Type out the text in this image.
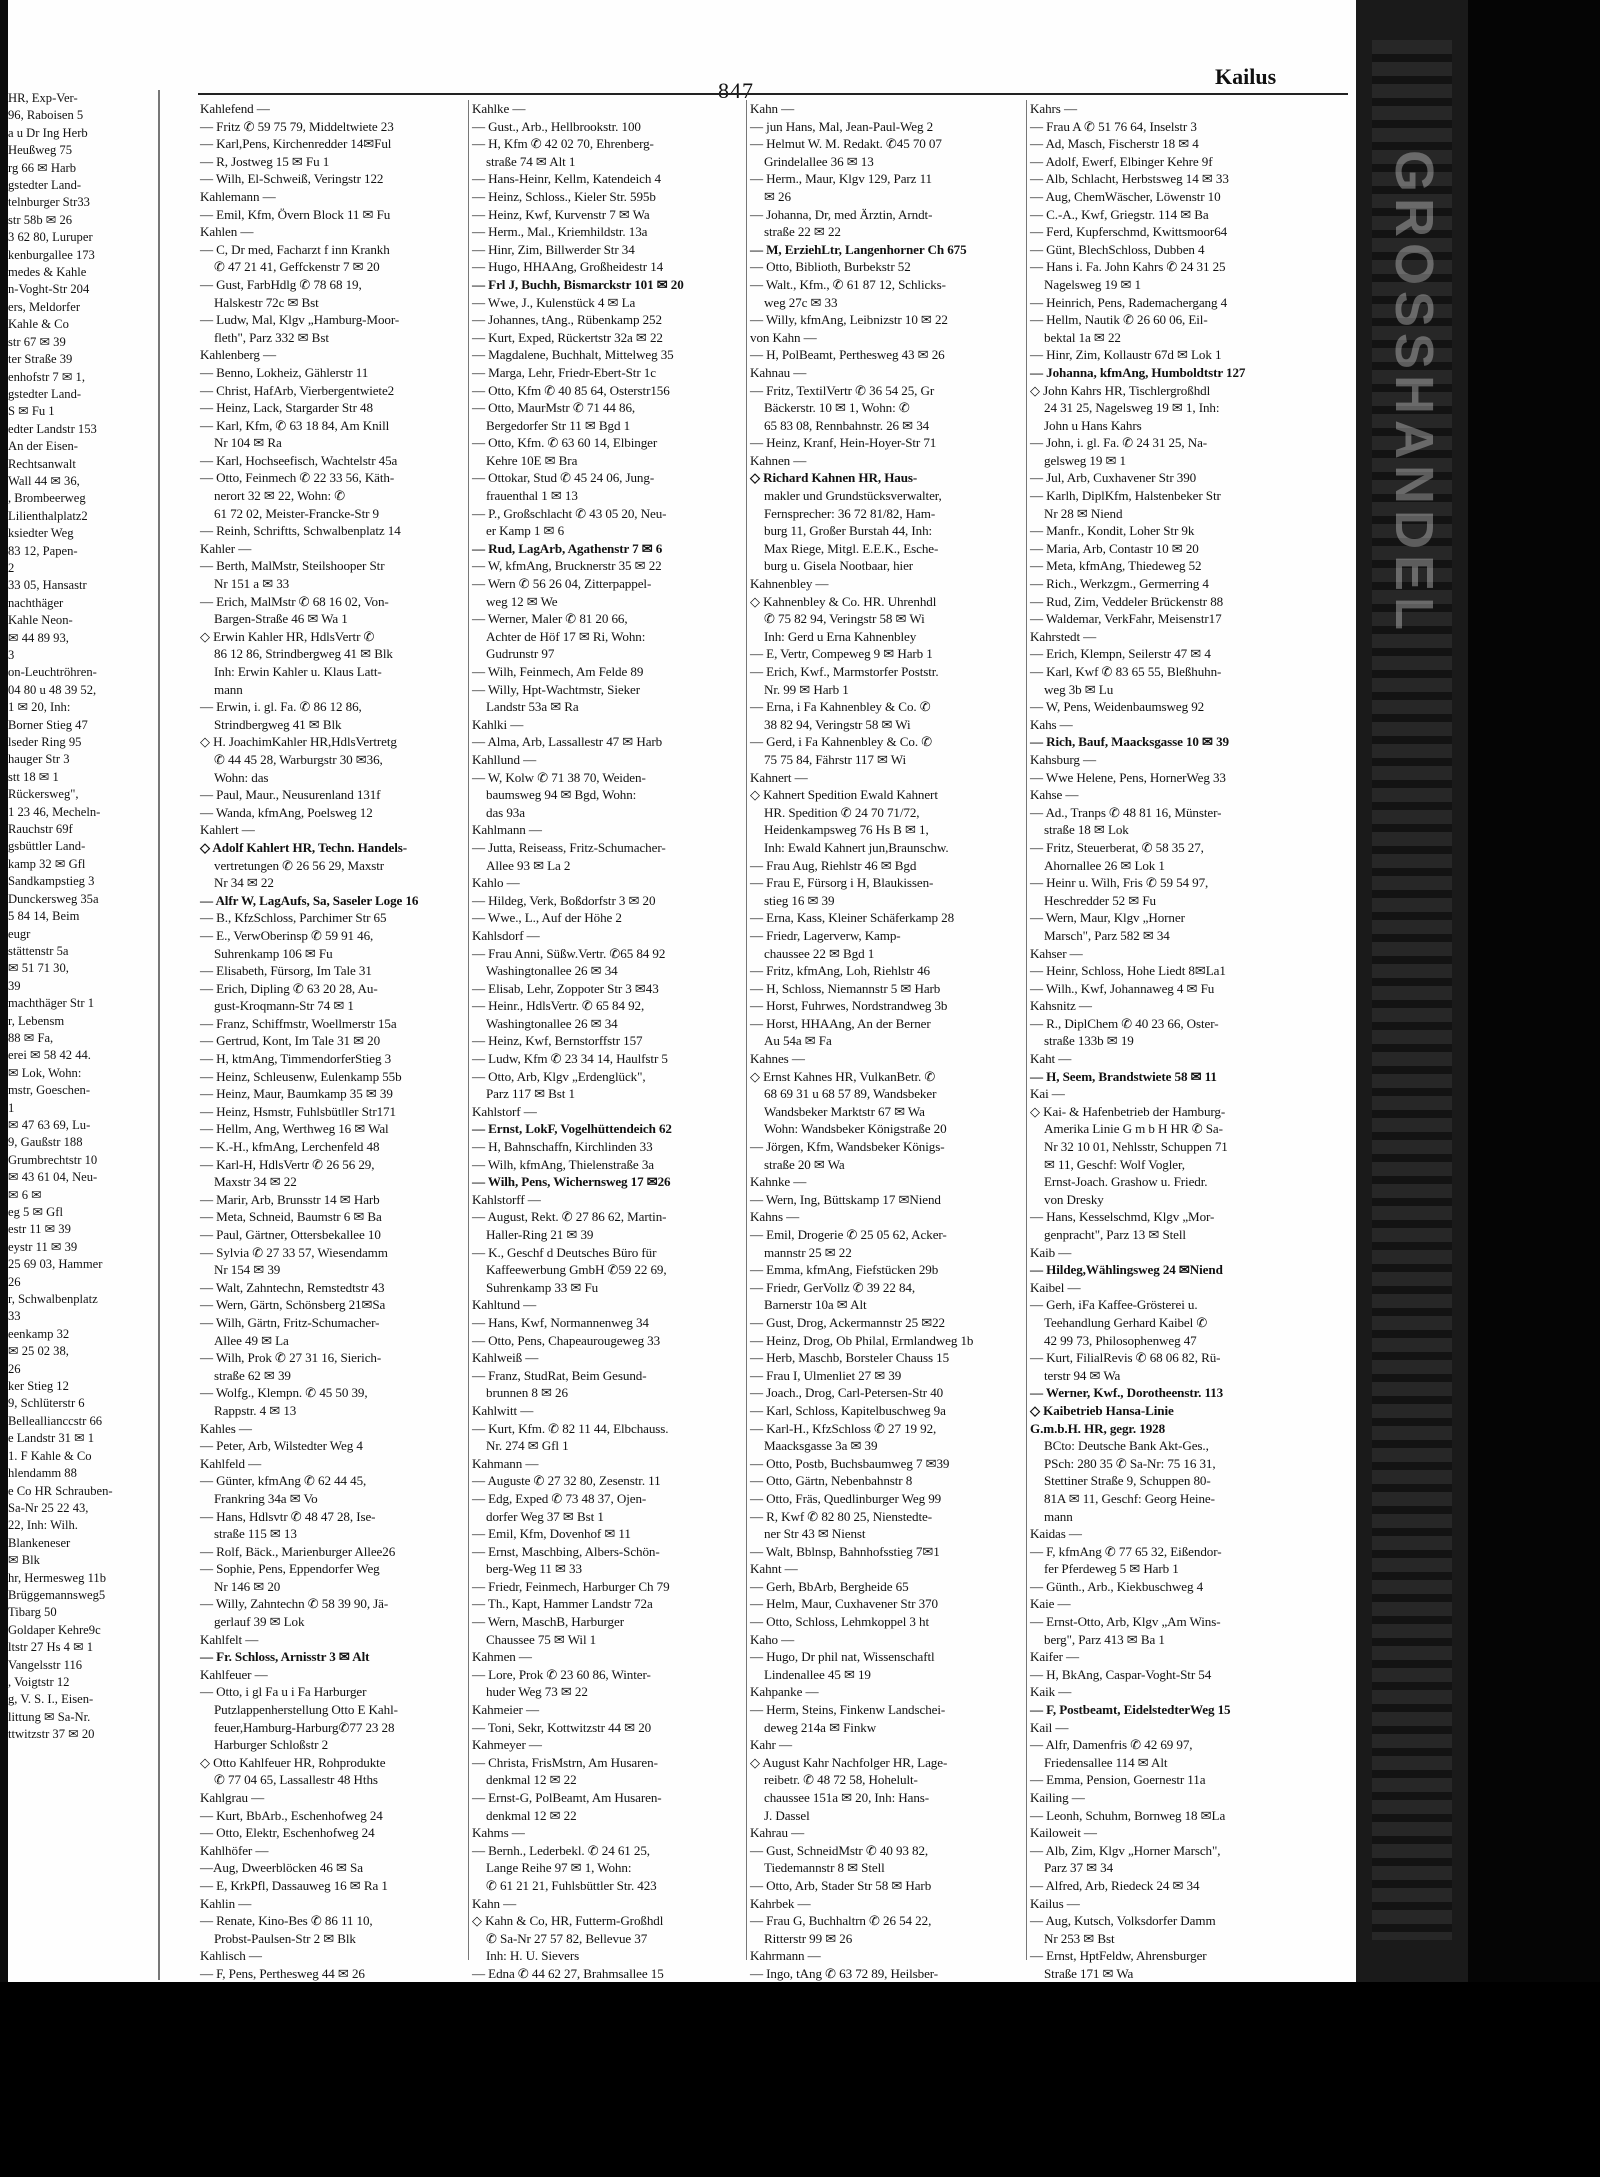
HR, Exp-Ver-
96, Raboisen 5
a u Dr Ing Herb
Heußweg 75
rg 66 ✉ Harb
gstedter Land-
telnburger Str33
str 58b ✉ 26
3 62 80, Luruper
kenburgallee 173
medes & Kahle
n-Voght-Str 204
ers, Meldorfer
Kahle & Co
str 67 ✉ 39
ter Straße 39
enhofstr 7 ✉ 1,
gstedter Land-
S ✉ Fu 1
edter Landstr 153
An der Eisen-
Rechtsanwalt
Wall 44 ✉ 36,
, Brombeerweg
Lilienthalplatz2
ksiedter Weg
83 12, Papen-
2
33 05, Hansastr
nachthäger
Kahle Neon-
✉ 44 89 93,
3
on-Leuchtröhren-
04 80 u 48 39 52,
1 ✉ 20, Inh:
Borner Stieg 47
lseder Ring 95
hauger Str 3
stt 18 ✉ 1
Rückersweg",
1 23 46, Mecheln-
Rauchstr 69f
gsbüttler Land-
kamp 32 ✉ Gfl
Sandkampstieg 3
Dunckersweg 35a
5 84 14, Beim
eugr
stättenstr 5a
✉ 51 71 30,
39
machthäger Str 1
r, Lebensm
88 ✉ Fa,
erei ✉ 58 42 44.
✉ Lok, Wohn:
mstr, Goeschen-
1
✉ 47 63 69, Lu-
9, Gaußstr 188
Grumbrechtstr 10
✉ 43 61 04, Neu-
✉ 6 ✉
eg 5 ✉ Gfl
estr 11 ✉ 39
eystr 11 ✉ 39
25 69 03, Hammer
26
r, Schwalbenplatz
33
eenkamp 32
✉ 25 02 38,
26
ker Stieg 12
9, Schlüterstr 6
Belleallianccstr 66
e Landstr 31 ✉ 1
1. F Kahle & Co
hlendamm 88
e Co HR Schrauben-
Sa-Nr 25 22 43,
22, Inh: Wilh.
Blankeneser
✉ Blk
hr, Hermesweg 11b
Brüggemannsweg5
Tibarg 50
Goldaper Kehre9c
ltstr 27 Hs 4 ✉ 1
Vangelsstr 116
, Voigtstr 12
g, V. S. I., Eisen-
littung ✉ Sa-Nr.
ttwitzstr 37 ✉ 20
847
Kailus
Kahlefend —
— Fritz ✆ 59 75 79, Middeltwiete 23
— Karl,Pens, Kirchenredder 14✉Ful
— R, Jostweg 15 ✉ Fu 1
— Wilh, El-Schweiß, Veringstr 122
Kahlemann —
— Emil, Kfm, Övern Block 11 ✉ Fu
Kahlen —
— C, Dr med, Facharzt f inn Krankh
✆ 47 21 41, Geffckenstr 7 ✉ 20
— Gust, FarbHdlg ✆ 78 68 19,
Halskestr 72c ✉ Bst
— Ludw, Mal, Klgv „Hamburg-Moor-
fleth", Parz 332 ✉ Bst
Kahlenberg —
— Benno, Lokheiz, Gählerstr 11
— Christ, HafArb, Vierbergentwiete2
— Heinz, Lack, Stargarder Str 48
— Karl, Kfm, ✆ 63 18 84, Am Knill
Nr 104 ✉ Ra
— Karl, Hochseefisch, Wachtelstr 45a
— Otto, Feinmech ✆ 22 33 56, Käth-
nerort 32 ✉ 22, Wohn: ✆
61 72 02, Meister-Francke-Str 9
— Reinh, Schriftts, Schwalbenplatz 14
Kahler —
— Berth, MalMstr, Steilshooper Str
Nr 151 a ✉ 33
— Erich, MalMstr ✆ 68 16 02, Von-
Bargen-Straße 46 ✉ Wa 1
◇ Erwin Kahler HR, HdlsVertr ✆
86 12 86, Strindbergweg 41 ✉ Blk
Inh: Erwin Kahler u. Klaus Latt-
mann
— Erwin, i. gl. Fa. ✆ 86 12 86,
Strindbergweg 41 ✉ Blk
◇ H. JoachimKahler HR,HdlsVertretg
✆ 44 45 28, Warburgstr 30 ✉36,
Wohn: das
— Paul, Maur., Neusurenland 131f
— Wanda, kfmAng, Poelsweg 12
Kahlert —
◇ Adolf Kahlert HR, Techn. Handels-
vertretungen ✆ 26 56 29, Maxstr
Nr 34 ✉ 22
— Alfr W, LagAufs, Sa, Saseler Loge 16
— B., KfzSchloss, Parchimer Str 65
— E., VerwOberinsp ✆ 59 91 46,
Suhrenkamp 106 ✉ Fu
— Elisabeth, Fürsorg, Im Tale 31
— Erich, Dipling ✆ 63 20 28, Au-
gust-Kroqmann-Str 74 ✉ 1
— Franz, Schiffmstr, Woellmerstr 15a
— Gertrud, Kont, Im Tale 31 ✉ 20
— H, ktmAng, TimmendorferStieg 3
— Heinz, Schleusenw, Eulenkamp 55b
— Heinz, Maur, Baumkamp 35 ✉ 39
— Heinz, Hsmstr, Fuhlsbütller Str171
— Hellm, Ang, Werthweg 16 ✉ Wal
— K.-H., kfmAng, Lerchenfeld 48
— Karl-H, HdlsVertr ✆ 26 56 29,
Maxstr 34 ✉ 22
— Marir, Arb, Brunsstr 14 ✉ Harb
— Meta, Schneid, Baumstr 6 ✉ Ba
— Paul, Gärtner, Ottersbekallee 10
— Sylvia ✆ 27 33 57, Wiesendamm
Nr 154 ✉ 39
— Walt, Zahntechn, Remstedtstr 43
— Wern, Gärtn, Schönsberg 21✉Sa
— Wilh, Gärtn, Fritz-Schumacher-
Allee 49 ✉ La
— Wilh, Prok ✆ 27 31 16, Sierich-
straße 62 ✉ 39
— Wolfg., Klempn. ✆ 45 50 39,
Rappstr. 4 ✉ 13
Kahles —
— Peter, Arb, Wilstedter Weg 4
Kahlfeld —
— Günter, kfmAng ✆ 62 44 45,
Frankring 34a ✉ Vo
— Hans, Hdlsvtr ✆ 48 47 28, Ise-
straße 115 ✉ 13
— Rolf, Bäck., Marienburger Allee26
— Sophie, Pens, Eppendorfer Weg
Nr 146 ✉ 20
— Willy, Zahntechn ✆ 58 39 90, Jä-
gerlauf 39 ✉ Lok
Kahlfelt —
— Fr. Schloss, Arnisstr 3 ✉ Alt
Kahlfeuer —
— Otto, i gl Fa u i Fa Harburger
Putzlappenherstellung Otto E Kahl-
feuer,Hamburg-Harburg✆77 23 28
Harburger Schloßstr 2
◇ Otto Kahlfeuer HR, Rohprodukte
✆ 77 04 65, Lassallestr 48 Hths
Kahlgrau —
— Kurt, BbArb., Eschenhofweg 24
— Otto, Elektr, Eschenhofweg 24
Kahlhöfer —
—Aug, Dweerblöcken 46 ✉ Sa
— E, KrkPfl, Dassauweg 16 ✉ Ra 1
Kahlin —
— Renate, Kino-Bes ✆ 86 11 10,
Probst-Paulsen-Str 2 ✉ Blk
Kahlisch —
— F, Pens, Perthesweg 44 ✉ 26
Kahlke —
— Gust., Arb., Hellbrookstr. 100
— H, Kfm ✆ 42 02 70, Ehrenberg-
straße 74 ✉ Alt 1
— Hans-Heinr, Kellm, Katendeich 4
— Heinz, Schloss., Kieler Str. 595b
— Heinz, Kwf, Kurvenstr 7 ✉ Wa
— Herm., Mal., Kriemhildstr. 13a
— Hinr, Zim, Billwerder Str 34
— Hugo, HHAAng, Großheidestr 14
— Frl J, Buchh, Bismarckstr 101 ✉ 20
— Wwe, J., Kulenstück 4 ✉ La
— Johannes, tAng., Rübenkamp 252
— Kurt, Exped, Rückertstr 32a ✉ 22
— Magdalene, Buchhalt, Mittelweg 35
— Marga, Lehr, Friedr-Ebert-Str 1c
— Otto, Kfm ✆ 40 85 64, Osterstr156
— Otto, MaurMstr ✆ 71 44 86,
Bergedorfer Str 11 ✉ Bgd 1
— Otto, Kfm. ✆ 63 60 14, Elbinger
Kehre 10E ✉ Bra
— Ottokar, Stud ✆ 45 24 06, Jung-
frauenthal 1 ✉ 13
— P., Großschlacht ✆ 43 05 20, Neu-
er Kamp 1 ✉ 6
— Rud, LagArb, Agathenstr 7 ✉ 6
— W, kfmAng, Brucknerstr 35 ✉ 22
— Wern ✆ 56 26 04, Zitterpappel-
weg 12 ✉ We
— Werner, Maler ✆ 81 20 66,
Achter de Höf 17 ✉ Ri, Wohn:
Gudrunstr 97
— Wilh, Feinmech, Am Felde 89
— Willy, Hpt-Wachtmstr, Sieker
Landstr 53a ✉ Ra
Kahlki —
— Alma, Arb, Lassallestr 47 ✉ Harb
Kahllund —
— W, Kolw ✆ 71 38 70, Weiden-
baumsweg 94 ✉ Bgd, Wohn:
das 93a
Kahlmann —
— Jutta, Reiseass, Fritz-Schumacher-
Allee 93 ✉ La 2
Kahlo —
— Hildeg, Verk, Boßdorfstr 3 ✉ 20
— Wwe., L., Auf der Höhe 2
Kahlsdorf —
— Frau Anni, Süßw.Vertr. ✆65 84 92
Washingtonallee 26 ✉ 34
— Elisab, Lehr, Zoppoter Str 3 ✉43
— Heinr., HdlsVertr. ✆ 65 84 92,
Washingtonallee 26 ✉ 34
— Heinz, Kwf, Bernstorffstr 157
— Ludw, Kfm ✆ 23 34 14, Haulfstr 5
— Otto, Arb, Klgv „Erdenglück",
Parz 117 ✉ Bst 1
Kahlstorf —
— Ernst, LokF, Vogelhüttendeich 62
— H, Bahnschaffn, Kirchlinden 33
— Wilh, kfmAng, Thielenstraße 3a
— Wilh, Pens, Wichernsweg 17 ✉26
Kahlstorff —
— August, Rekt. ✆ 27 86 62, Martin-
Haller-Ring 21 ✉ 39
— K., Geschf d Deutsches Büro für
Kaffeewerbung GmbH ✆59 22 69,
Suhrenkamp 33 ✉ Fu
Kahltund —
— Hans, Kwf, Normannenweg 34
— Otto, Pens, Chapeaurougeweg 33
Kahlweiß —
— Franz, StudRat, Beim Gesund-
brunnen 8 ✉ 26
Kahlwitt —
— Kurt, Kfm. ✆ 82 11 44, Elbchauss.
Nr. 274 ✉ Gfl 1
Kahmann —
— Auguste ✆ 27 32 80, Zesenstr. 11
— Edg, Exped ✆ 73 48 37, Ojen-
dorfer Weg 37 ✉ Bst 1
— Emil, Kfm, Dovenhof ✉ 11
— Ernst, Maschbing, Albers-Schön-
berg-Weg 11 ✉ 33
— Friedr, Feinmech, Harburger Ch 79
— Th., Kapt, Hammer Landstr 72a
— Wern, MaschB, Harburger
Chaussee 75 ✉ Wil 1
Kahmen —
— Lore, Prok ✆ 23 60 86, Winter-
huder Weg 73 ✉ 22
Kahmeier —
— Toni, Sekr, Kottwitzstr 44 ✉ 20
Kahmeyer —
— Christa, FrisMstrn, Am Husaren-
denkmal 12 ✉ 22
— Ernst-G, PolBeamt, Am Husaren-
denkmal 12 ✉ 22
Kahms —
— Bernh., Lederbekl. ✆ 24 61 25,
Lange Reihe 97 ✉ 1, Wohn:
✆ 61 21 21, Fuhlsbüttler Str. 423
Kahn —
◇ Kahn & Co, HR, Futterm-Großhdl
✆ Sa-Nr 27 57 82, Bellevue 37
Inh: H. U. Sievers
— Edna ✆ 44 62 27, Brahmsallee 15
Kahn —
— jun Hans, Mal, Jean-Paul-Weg 2
— Helmut W. M. Redakt. ✆45 70 07
Grindelallee 36 ✉ 13
— Herm., Maur, Klgv 129, Parz 11
✉ 26
— Johanna, Dr, med Ärztin, Arndt-
straße 22 ✉ 22
— M, ErziehLtr, Langenhorner Ch 675
— Otto, Biblioth, Burbekstr 52
— Walt., Kfm., ✆ 61 87 12, Schlicks-
weg 27c ✉ 33
— Willy, kfmAng, Leibnizstr 10 ✉ 22
von Kahn —
— H, PolBeamt, Perthesweg 43 ✉ 26
Kahnau —
— Fritz, TextilVertr ✆ 36 54 25, Gr
Bäckerstr. 10 ✉ 1, Wohn: ✆
65 83 08, Rennbahnstr. 26 ✉ 34
— Heinz, Kranf, Hein-Hoyer-Str 71
Kahnen —
◇ Richard Kahnen HR, Haus-
makler und Grundstücksverwalter,
Fernsprecher: 36 72 81/82, Ham-
burg 11, Großer Burstah 44, Inh:
Max Riege, Mitgl. E.E.K., Esche-
burg u. Gisela Nootbaar, hier
Kahnenbley —
◇ Kahnenbley & Co. HR. Uhrenhdl
✆ 75 82 94, Veringstr 58 ✉ Wi
Inh: Gerd u Erna Kahnenbley
— E, Vertr, Compeweg 9 ✉ Harb 1
— Erich, Kwf., Marmstorfer Poststr.
Nr. 99 ✉ Harb 1
— Erna, i Fa Kahnenbley & Co. ✆
38 82 94, Veringstr 58 ✉ Wi
— Gerd, i Fa Kahnenbley & Co. ✆
75 75 84, Fährstr 117 ✉ Wi
Kahnert —
◇ Kahnert Spedition Ewald Kahnert
HR. Spedition ✆ 24 70 71/72,
Heidenkampsweg 76 Hs B ✉ 1,
Inh: Ewald Kahnert jun,Braunschw.
— Frau Aug, Riehlstr 46 ✉ Bgd
— Frau E, Fürsorg i H, Blaukissen-
stieg 16 ✉ 39
— Erna, Kass, Kleiner Schäferkamp 28
— Friedr, Lagerverw, Kamp-
chaussee 22 ✉ Bgd 1
— Fritz, kfmAng, Loh, Riehlstr 46
— H, Schloss, Niemannstr 5 ✉ Harb
— Horst, Fuhrwes, Nordstrandweg 3b
— Horst, HHAAng, An der Berner
Au 54a ✉ Fa
Kahnes —
◇ Ernst Kahnes HR, VulkanBetr. ✆
68 69 31 u 68 57 89, Wandsbeker
Wandsbeker Marktstr 67 ✉ Wa
Wohn: Wandsbeker Königstraße 20
— Jörgen, Kfm, Wandsbeker Königs-
straße 20 ✉ Wa
Kahnke —
— Wern, Ing, Büttskamp 17 ✉Niend
Kahns —
— Emil, Drogerie ✆ 25 05 62, Acker-
mannstr 25 ✉ 22
— Emma, kfmAng, Fiefstücken 29b
— Friedr, GerVollz ✆ 39 22 84,
Barnerstr 10a ✉ Alt
— Gust, Drog, Ackermannstr 25 ✉22
— Heinz, Drog, Ob Philal, Ermlandweg 1b
— Herb, Maschb, Borsteler Chauss 15
— Frau I, Ulmenliet 27 ✉ 39
— Joach., Drog, Carl-Petersen-Str 40
— Karl, Schloss, Kapitelbuschweg 9a
— Karl-H., KfzSchloss ✆ 27 19 92,
Maacksgasse 3a ✉ 39
— Otto, Postb, Buchsbaumweg 7 ✉39
— Otto, Gärtn, Nebenbahnstr 8
— Otto, Fräs, Quedlinburger Weg 99
— R, Kwf ✆ 82 80 25, Nienstedte-
ner Str 43 ✉ Nienst
— Walt, Bblnsp, Bahnhofsstieg 7✉1
Kahnt —
— Gerh, BbArb, Bergheide 65
— Helm, Maur, Cuxhavener Str 370
— Otto, Schloss, Lehmkoppel 3 ht
Kaho —
— Hugo, Dr phil nat, Wissenschaftl
Lindenallee 45 ✉ 19
Kahpanke —
— Herm, Steins, Finkenw Landschei-
deweg 214a ✉ Finkw
Kahr —
◇ August Kahr Nachfolger HR, Lage-
reibetr. ✆ 48 72 58, Hohelult-
chaussee 151a ✉ 20, Inh: Hans-
J. Dassel
Kahrau —
— Gust, SchneidMstr ✆ 40 93 82,
Tiedemannstr 8 ✉ Stell
— Otto, Arb, Stader Str 58 ✉ Harb
Kahrbek —
— Frau G, Buchhaltrn ✆ 26 54 22,
Ritterstr 99 ✉ 26
Kahrmann —
— Ingo, tAng ✆ 63 72 89, Heilsber-
Kahrs —
— Frau A ✆ 51 76 64, Inselstr 3
— Ad, Masch, Fischerstr 18 ✉ 4
— Adolf, Ewerf, Elbinger Kehre 9f
— Alb, Schlacht, Herbstsweg 14 ✉ 33
— Aug, ChemWäscher, Löwenstr 10
— C.-A., Kwf, Griegstr. 114 ✉ Ba
— Ferd, Kupferschmd, Kwittsmoor64
— Günt, BlechSchloss, Dubben 4
— Hans i. Fa. John Kahrs ✆ 24 31 25
Nagelsweg 19 ✉ 1
— Heinrich, Pens, Rademachergang 4
— Hellm, Nautik ✆ 26 60 06, Eil-
bektal 1a ✉ 22
— Hinr, Zim, Kollaustr 67d ✉ Lok 1
— Johanna, kfmAng, Humboldtstr 127
◇ John Kahrs HR, Tischlergroßhdl
24 31 25, Nagelsweg 19 ✉ 1, Inh:
John u Hans Kahrs
— John, i. gl. Fa. ✆ 24 31 25, Na-
gelsweg 19 ✉ 1
— Jul, Arb, Cuxhavener Str 390
— Karlh, DiplKfm, Halstenbeker Str
Nr 28 ✉ Niend
— Manfr., Kondit, Loher Str 9k
— Maria, Arb, Contastr 10 ✉ 20
— Meta, kfmAng, Thiedeweg 52
— Rich., Werkzgm., Germerring 4
— Rud, Zim, Veddeler Brückenstr 88
— Waldemar, VerkFahr, Meisenstr17
Kahrstedt —
— Erich, Klempn, Seilerstr 47 ✉ 4
— Karl, Kwf ✆ 83 65 55, Bleßhuhn-
weg 3b ✉ Lu
— W, Pens, Weidenbaumsweg 92
Kahs —
— Rich, Bauf, Maacksgasse 10 ✉ 39
Kahsburg —
— Wwe Helene, Pens, HornerWeg 33
Kahse —
— Ad., Tranps ✆ 48 81 16, Münster-
straße 18 ✉ Lok
— Fritz, Steuerberat, ✆ 58 35 27,
Ahornallee 26 ✉ Lok 1
— Heinr u. Wilh, Fris ✆ 59 54 97,
Heschredder 52 ✉ Fu
— Wern, Maur, Klgv „Horner
Marsch", Parz 582 ✉ 34
Kahser —
— Heinr, Schloss, Hohe Liedt 8✉La1
— Wilh., Kwf, Johannaweg 4 ✉ Fu
Kahsnitz —
— R., DiplChem ✆ 40 23 66, Oster-
straße 133b ✉ 19
Kaht —
— H, Seem, Brandstwiete 58 ✉ 11
Kai —
◇ Kai- & Hafenbetrieb der Hamburg-
Amerika Linie G m b H HR ✆ Sa-
Nr 32 10 01, Nehlsstr, Schuppen 71
✉ 11, Geschf: Wolf Vogler,
Ernst-Joach. Grashow u. Friedr.
von Dresky
— Hans, Kesselschmd, Klgv „Mor-
genpracht", Parz 13 ✉ Stell
Kaib —
— Hildeg,Wählingsweg 24 ✉Niend
Kaibel —
— Gerh, iFa Kaffee-Grösterei u.
Teehandlung Gerhard Kaibel ✆
42 99 73, Philosophenweg 47
— Kurt, FilialRevis ✆ 68 06 82, Rü-
terstr 94 ✉ Wa
— Werner, Kwf., Dorotheenstr. 113
◇ Kaibetrieb Hansa-Linie
G.m.b.H. HR, gegr. 1928
BCto: Deutsche Bank Akt-Ges.,
PSch: 280 35 ✆ Sa-Nr: 75 16 31,
Stettiner Straße 9, Schuppen 80-
81A ✉ 11, Geschf: Georg Heine-
mann
Kaidas —
— F, kfmAng ✆ 77 65 32, Eißendor-
fer Pferdeweg 5 ✉ Harb 1
— Günth., Arb., Kiekbuschweg 4
Kaie —
— Ernst-Otto, Arb, Klgv „Am Wins-
berg", Parz 413 ✉ Ba 1
Kaifer —
— H, BkAng, Caspar-Voght-Str 54
Kaik —
— F, Postbeamt, EidelstedterWeg 15
Kail —
— Alfr, Damenfris ✆ 42 69 97,
Friedensallee 114 ✉ Alt
— Emma, Pension, Goernestr 11a
Kailing —
— Leonh, Schuhm, Bornweg 18 ✉La
Kailoweit —
— Alb, Zim, Klgv „Horner Marsch",
Parz 37 ✉ 34
— Alfred, Arb, Riedeck 24 ✉ 34
Kailus —
— Aug, Kutsch, Volksdorfer Damm
Nr 253 ✉ Bst
— Ernst, HptFeldw, Ahrensburger
Straße 171 ✉ Wa
GROSSHANDEL
